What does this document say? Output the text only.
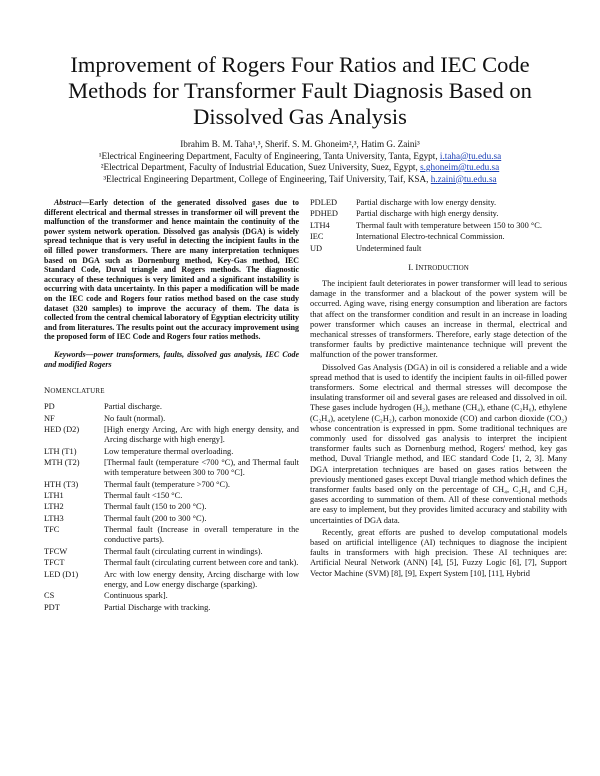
Improvement of Rogers Four Ratios and IEC Code Methods for Transformer Fault Diagnosis Based on Dissolved Gas Analysis
Ibrahim B. M. Taha¹,³, Sherif. S. M. Ghoneim²,³, Hatim G. Zaini³
¹Electrical Engineering Department, Faculty of Engineering, Tanta University, Tanta, Egypt, i.taha@tu.edu.sa
²Electrical Department, Faculty of Industrial Education, Suez University, Suez, Egypt, s.ghoneim@tu.edu.sa
³Electrical Engineering Department, College of Engineering, Taif University, Taif, KSA, h.zaini@tu.edu.sa
Abstract—Early detection of the generated dissolved gases due to different electrical and thermal stresses in transformer oil will prevent the malfunction of the transformer and hence maintain the continuity of the power system network operation. Dissolved gas analysis (DGA) is widely spread technique that is very useful in detecting the incipient faults in the oil filled power transformers. There are many interpretation techniques based on DGA such as Dornenburg method, Key-Gas method, IEC Standard Code, Duval triangle and Rogers methods. The diagnostic accuracy of these techniques is very limited and a significant instability is occurring with data uncertainty. In this paper a modification will be made on the IEC code and Rogers four ratios method based on the case study dataset (320 samples) to improve the accuracy of them. The data is collected from the central chemical laboratory of Egyptian electricity utility and from literatures. The results point out the accuracy improvement using the proposed form of IEC Code and Rogers four ratios methods.
Keywords—power transformers, faults, dissolved gas analysis, IEC Code and modified Rogers
NOMENCLATURE
PD	Partial discharge.
NF	No fault (normal).
HED (D2)	[High energy Arcing, Arc with high energy density, and Arcing discharge with high energy].
LTH (T1)	Low temperature thermal overloading.
MTH (T2)	[Thermal fault (temperature <700 °C), and Thermal fault with temperature between 300 to 700 °C].
HTH (T3)	Thermal fault (temperature >700 °C).
LTH1	Thermal fault <150 °C.
LTH2	Thermal fault (150 to 200 °C).
LTH3	Thermal fault (200 to 300 °C).
TFC	Thermal fault (Increase in overall temperature in the conductive parts).
TFCW	Thermal fault (circulating current in windings).
TFCT	Thermal fault (circulating current between core and tank).
LED (D1)	Arc with low energy density, Arcing discharge with low energy, and Low energy discharge (sparking).
CS	Continuous spark].
PDT	Partial Discharge with tracking.
PDLED	Partial discharge with low energy density.
PDHED	Partial discharge with high energy density.
LTH4	Thermal fault with temperature between 150 to 300 °C.
IEC	International Electro-technical Commission.
UD	Undetermined fault
I. INTRODUCTION
The incipient fault deteriorates in power transformer will lead to serious damage in the transformer and a blackout of the power system will be occurred. Aging wave, rising energy consumption and liberation are factors that affect on the transformer condition and result in an increase in loading power transformer which causes an increase in thermal, electrical and mechanical stresses of transformers. Therefore, early stage detection of the transformer faults by predictive maintenance technique will prevent the malfunction of the power transformer.
Dissolved Gas Analysis (DGA) in oil is considered a reliable and a wide spread method that is used to identify the incipient faults in oil-filled power transformers. Some electrical and thermal stresses will decompose the insulating transformer oil and several gases are released and dissolved in oil. These gases include hydrogen (H₂), methane (CH₄), ethane (C₂H₆), ethylene (C₂H₄), acetylene (C₂H₂), carbon monoxide (CO) and carbon dioxide (CO₂) whose concentration is expressed in ppm. Some traditional techniques are commonly used for dissolved gas analysis to interpret the incipient transformer faults such as Dornenburg method, Rogers' method, key gas method, Duval Triangle method, and IEC standard Code [1, 2, 3]. Many DGA interpretation techniques are based on gases ratios between the previously mentioned gases except Duval triangle method which defines the transformer faults based only on the percentage of CH₄, C₂H₄ and C₂H₂ gases according to summation of them. All of these conventional methods are easy to implement, but they provides limited accuracy and stability with uncertainties of DGA data.
Recently, great efforts are pushed to develop computational models based on artificial intelligence (AI) techniques to diagnose the incipient faults in transformers with high precision. These AI techniques are: Artificial Neural Network (ANN) [4], [5], Fuzzy Logic [6], [7], Support Vector Machine (SVM) [8], [9], Expert System [10], [11], Hybrid
